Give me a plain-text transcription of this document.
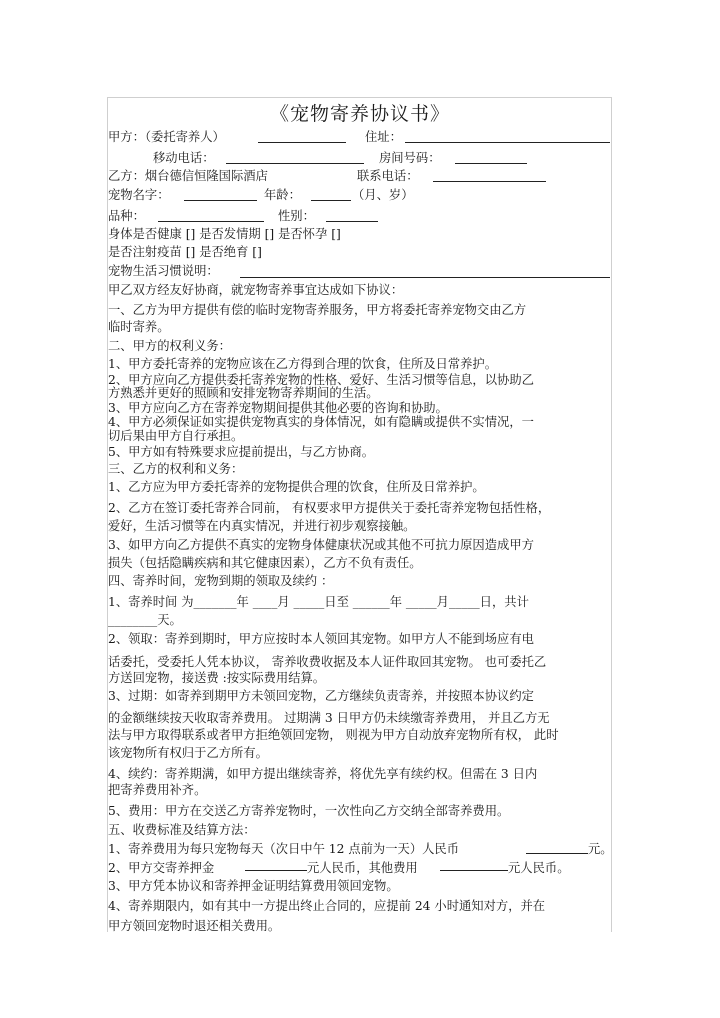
《宠物寄养协议书》
甲方：（委托寄养人）	住址：
移动电话：	房间号码：
乙方：烟台德信恒隆国际酒店	联系电话：
宠物名字：	年龄：	（月、岁）
品种：	性别：
身体是否健康 [] 是否发情期 [] 是否怀孕 []
是否注射疫苗 [] 是否绝育 []
宠物生活习惯说明：
甲乙双方经友好协商，就宠物寄养事宜达成如下协议：
一、乙方为甲方提供有偿的临时宠物寄养服务，甲方将委托寄养宠物交由乙方
临时寄养。
二、甲方的权利义务：
1、甲方委托寄养的宠物应该在乙方得到合理的饮食，住所及日常养护。
2、甲方应向乙方提供委托寄养宠物的性格、爱好、生活习惯等信息，以协助乙
方熟悉并更好的照顾和安排宠物寄养期间的生活。
3、甲方应向乙方在寄养宠物期间提供其他必要的咨询和协助。
4、甲方必须保证如实提供宠物真实的身体情况，如有隐瞒或提供不实情况，一
切后果由甲方自行承担。
5、甲方如有特殊要求应提前提出，与乙方协商。
三、乙方的权利和义务：
1、乙方应为甲方委托寄养的宠物提供合理的饮食，住所及日常养护。
2、乙方在签订委托寄养合同前， 有权要求甲方提供关于委托寄养宠物包括性格，
爱好，生活习惯等在内真实情况，并进行初步观察接触。
3、如甲方向乙方提供不真实的宠物身体健康状况或其他不可抗力原因造成甲方
损失（包括隐瞒疾病和其它健康因素），乙方不负有责任。
四、寄养时间，宠物到期的领取及续约 ：
1、寄养时间 为_______年 ____月 _____日至 ______年 _____月_____日，共计
________天。
2、领取：寄养到期时，甲方应按时本人领回其宠物。如甲方人不能到场应有电
话委托，受委托人凭本协议， 寄养收费收据及本人证件取回其宠物。 也可委托乙
方送回宠物，接送费 :按实际费用结算。
3、过期：如寄养到期甲方未领回宠物，乙方继续负责寄养，并按照本协议约定
的金额继续按天收取寄养费用。 过期满 3 日甲方仍未续缴寄养费用， 并且乙方无
法与甲方取得联系或者甲方拒绝领回宠物， 则视为甲方自动放弃宠物所有权， 此时
该宠物所有权归于乙方所有。
4、续约：寄养期满，如甲方提出继续寄养，将优先享有续约权。但需在 3 日内
把寄养费用补齐。
5、费用：甲方在交送乙方寄养宠物时，一次性向乙方交纳全部寄养费用。
五、收费标准及结算方法：
1、寄养费用为每只宠物每天（次日中午 12 点前为一天）人民币	元。
2、甲方交寄养押金	元人民币，其他费用	元人民币。
3、甲方凭本协议和寄养押金证明结算费用领回宠物。
4、寄养期限内，如有其中一方提出终止合同的，应提前 24 小时通知对方，并在
甲方领回宠物时退还相关费用。
